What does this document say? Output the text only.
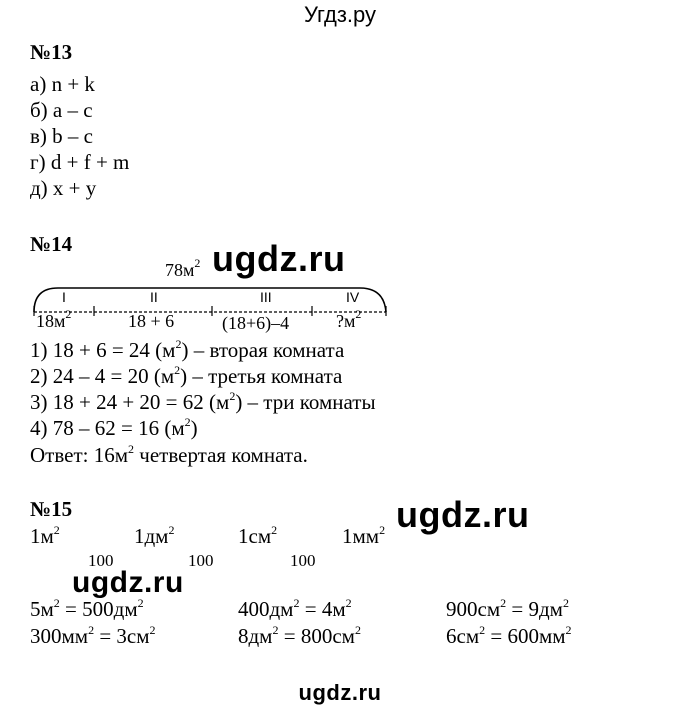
Угдз.ру
№13
а) n + k
б) a – c
в) b – c
г) d + f + m
д) x + y
№14
$78м^2$ ugdz.ru
I	II	III	IV
$18м^2$	18 + 6	(18+6)–4	$?м^2$
1) 18 + 6 = 24 $(м^2)$ – вторая комната
2) 24 – 4 = 20 $(м^2)$ – третья комната
3) 18 + 24 + 20 = 62 $(м^2)$ – три комнаты
4) 78 – 62 = 16 $(м^2)$
Ответ: $16м^2$ четвертая комната.
№15	ugdz.ru
$1м^2$	$1дм^2$	$1см^2$	$1мм^2$
100	100	100
ugdz.ru
$5м^2 = 500дм^2$	$400дм^2 = 4м^2$	$900см^2 = 9дм^2$
$300мм^2 = 3см^2$	$8дм^2 = 800см^2$	$6см^2 = 600мм^2$
ugdz.ru
